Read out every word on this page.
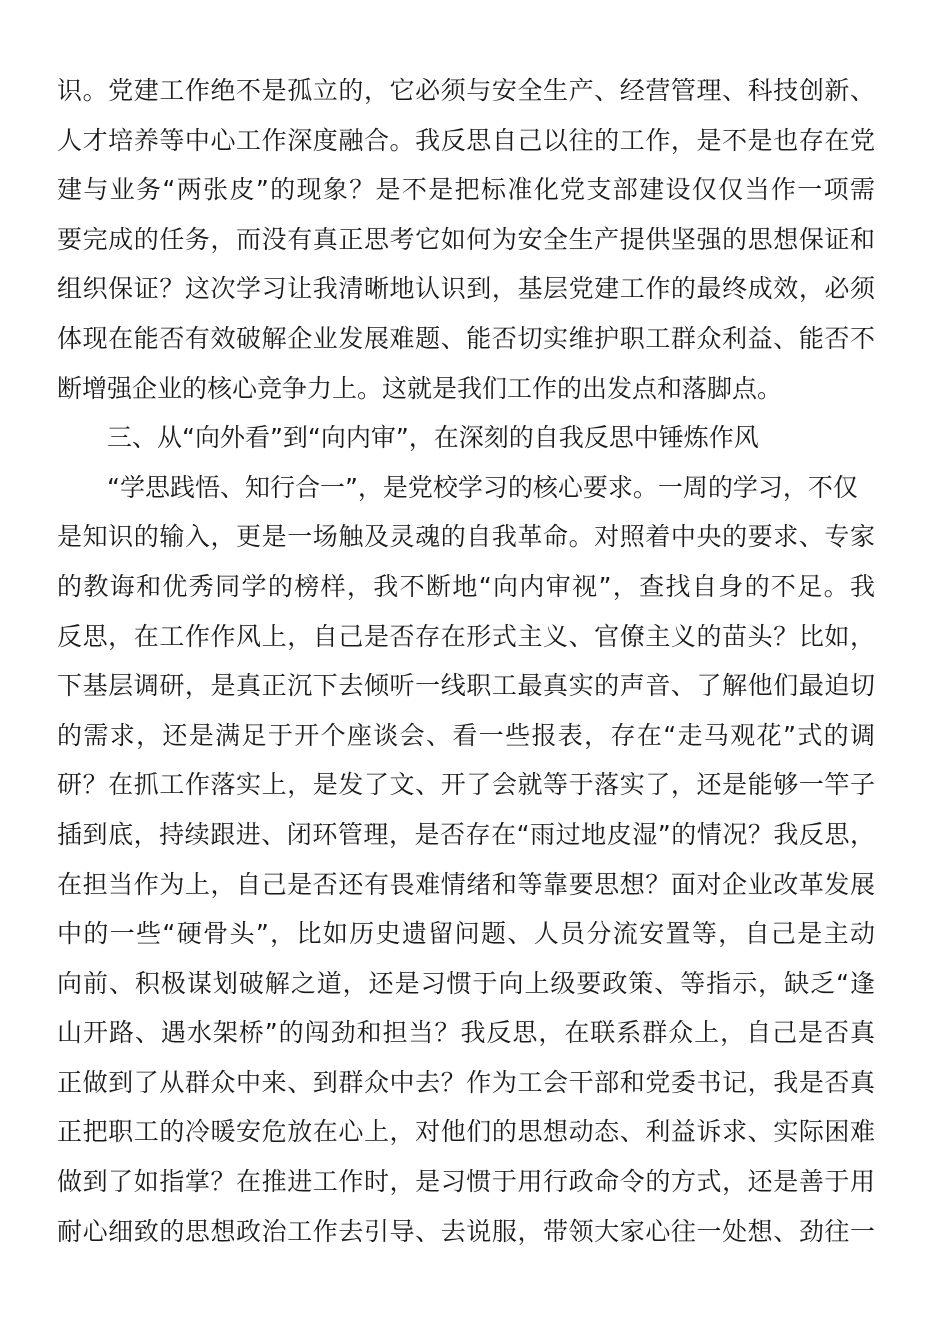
识。党建工作绝不是孤立的，它必须与安全生产、经营管理、科技创新、
人才培养等中心工作深度融合。我反思自己以往的工作，是不是也存在党
建与业务“两张皮”的现象？是不是把标准化党支部建设仅仅当作一项需
要完成的任务，而没有真正思考它如何为安全生产提供坚强的思想保证和
组织保证？这次学习让我清晰地认识到，基层党建工作的最终成效，必须
体现在能否有效破解企业发展难题、能否切实维护职工群众利益、能否不
断增强企业的核心竞争力上。这就是我们工作的出发点和落脚点。
三、从“向外看”到“向内审”，在深刻的自我反思中锤炼作风
“学思践悟、知行合一”，是党校学习的核心要求。一周的学习，不仅
是知识的输入，更是一场触及灵魂的自我革命。对照着中央的要求、专家
的教诲和优秀同学的榜样，我不断地“向内审视”，查找自身的不足。我
反思，在工作作风上，自己是否存在形式主义、官僚主义的苗头？比如，
下基层调研，是真正沉下去倾听一线职工最真实的声音、了解他们最迫切
的需求，还是满足于开个座谈会、看一些报表，存在“走马观花”式的调
研？在抓工作落实上，是发了文、开了会就等于落实了，还是能够一竿子
插到底，持续跟进、闭环管理，是否存在“雨过地皮湿”的情况？我反思，
在担当作为上，自己是否还有畏难情绪和等靠要思想？面对企业改革发展
中的一些“硬骨头”，比如历史遗留问题、人员分流安置等，自己是主动
向前、积极谋划破解之道，还是习惯于向上级要政策、等指示，缺乏“逢
山开路、遇水架桥”的闯劲和担当？我反思，在联系群众上，自己是否真
正做到了从群众中来、到群众中去？作为工会干部和党委书记，我是否真
正把职工的冷暖安危放在心上，对他们的思想动态、利益诉求、实际困难
做到了如指掌？在推进工作时，是习惯于用行政命令的方式，还是善于用
耐心细致的思想政治工作去引导、去说服，带领大家心往一处想、劲往一
